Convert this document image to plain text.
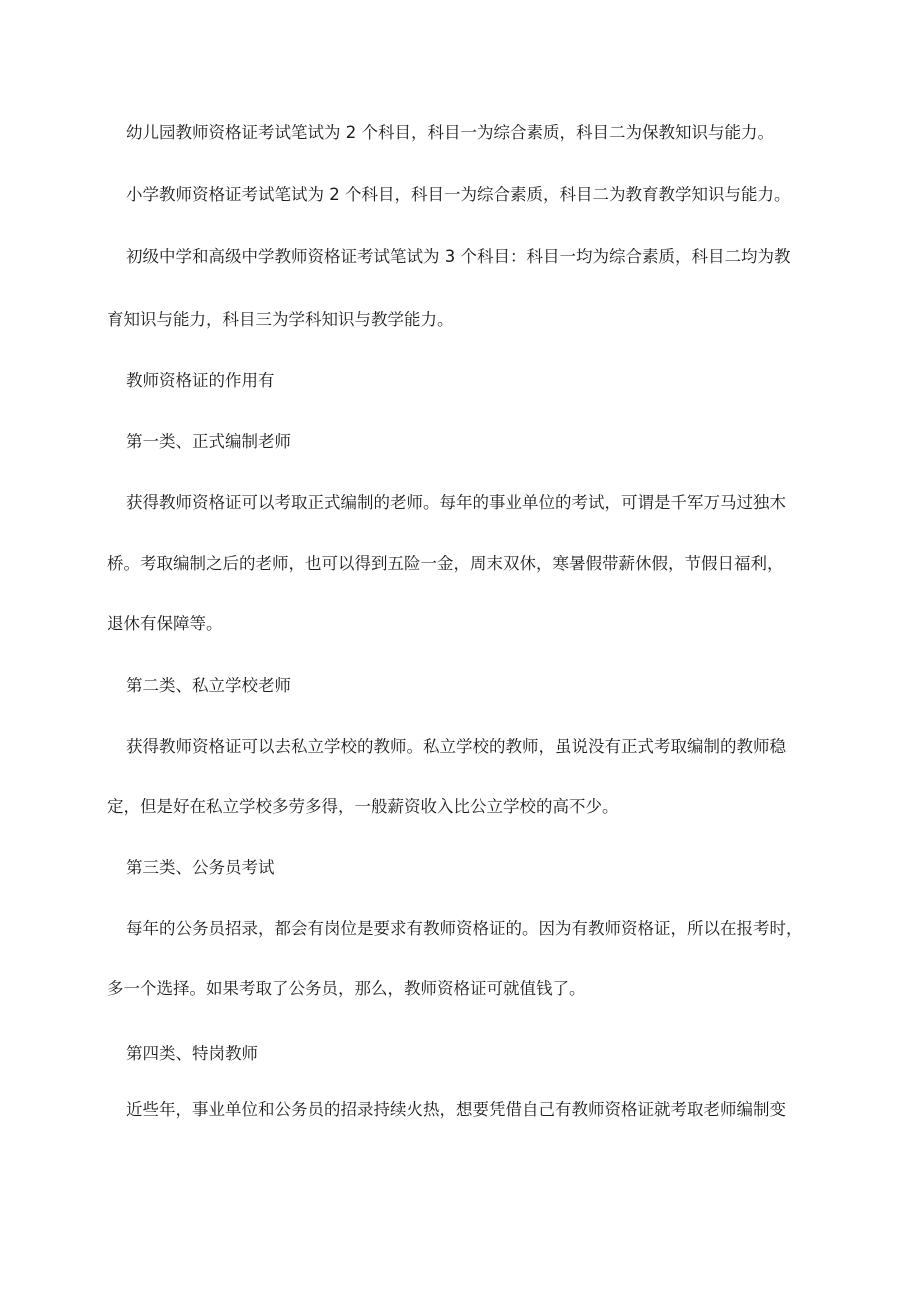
幼儿园教师资格证考试笔试为 2 个科目，科目一为综合素质，科目二为保教知识与能力。
小学教师资格证考试笔试为 2 个科目，科目一为综合素质，科目二为教育教学知识与能力。
初级中学和高级中学教师资格证考试笔试为 3 个科目：科目一均为综合素质，科目二均为教
育知识与能力，科目三为学科知识与教学能力。
教师资格证的作用有
第一类、正式编制老师
获得教师资格证可以考取正式编制的老师。每年的事业单位的考试，可谓是千军万马过独木
桥。考取编制之后的老师，也可以得到五险一金，周末双休，寒暑假带薪休假，节假日福利，
退休有保障等。
第二类、私立学校老师
获得教师资格证可以去私立学校的教师。私立学校的教师，虽说没有正式考取编制的教师稳
定，但是好在私立学校多劳多得，一般薪资收入比公立学校的高不少。
第三类、公务员考试
每年的公务员招录，都会有岗位是要求有教师资格证的。因为有教师资格证，所以在报考时，
多一个选择。如果考取了公务员，那么，教师资格证可就值钱了。
第四类、特岗教师
近些年，事业单位和公务员的招录持续火热，想要凭借自己有教师资格证就考取老师编制变
